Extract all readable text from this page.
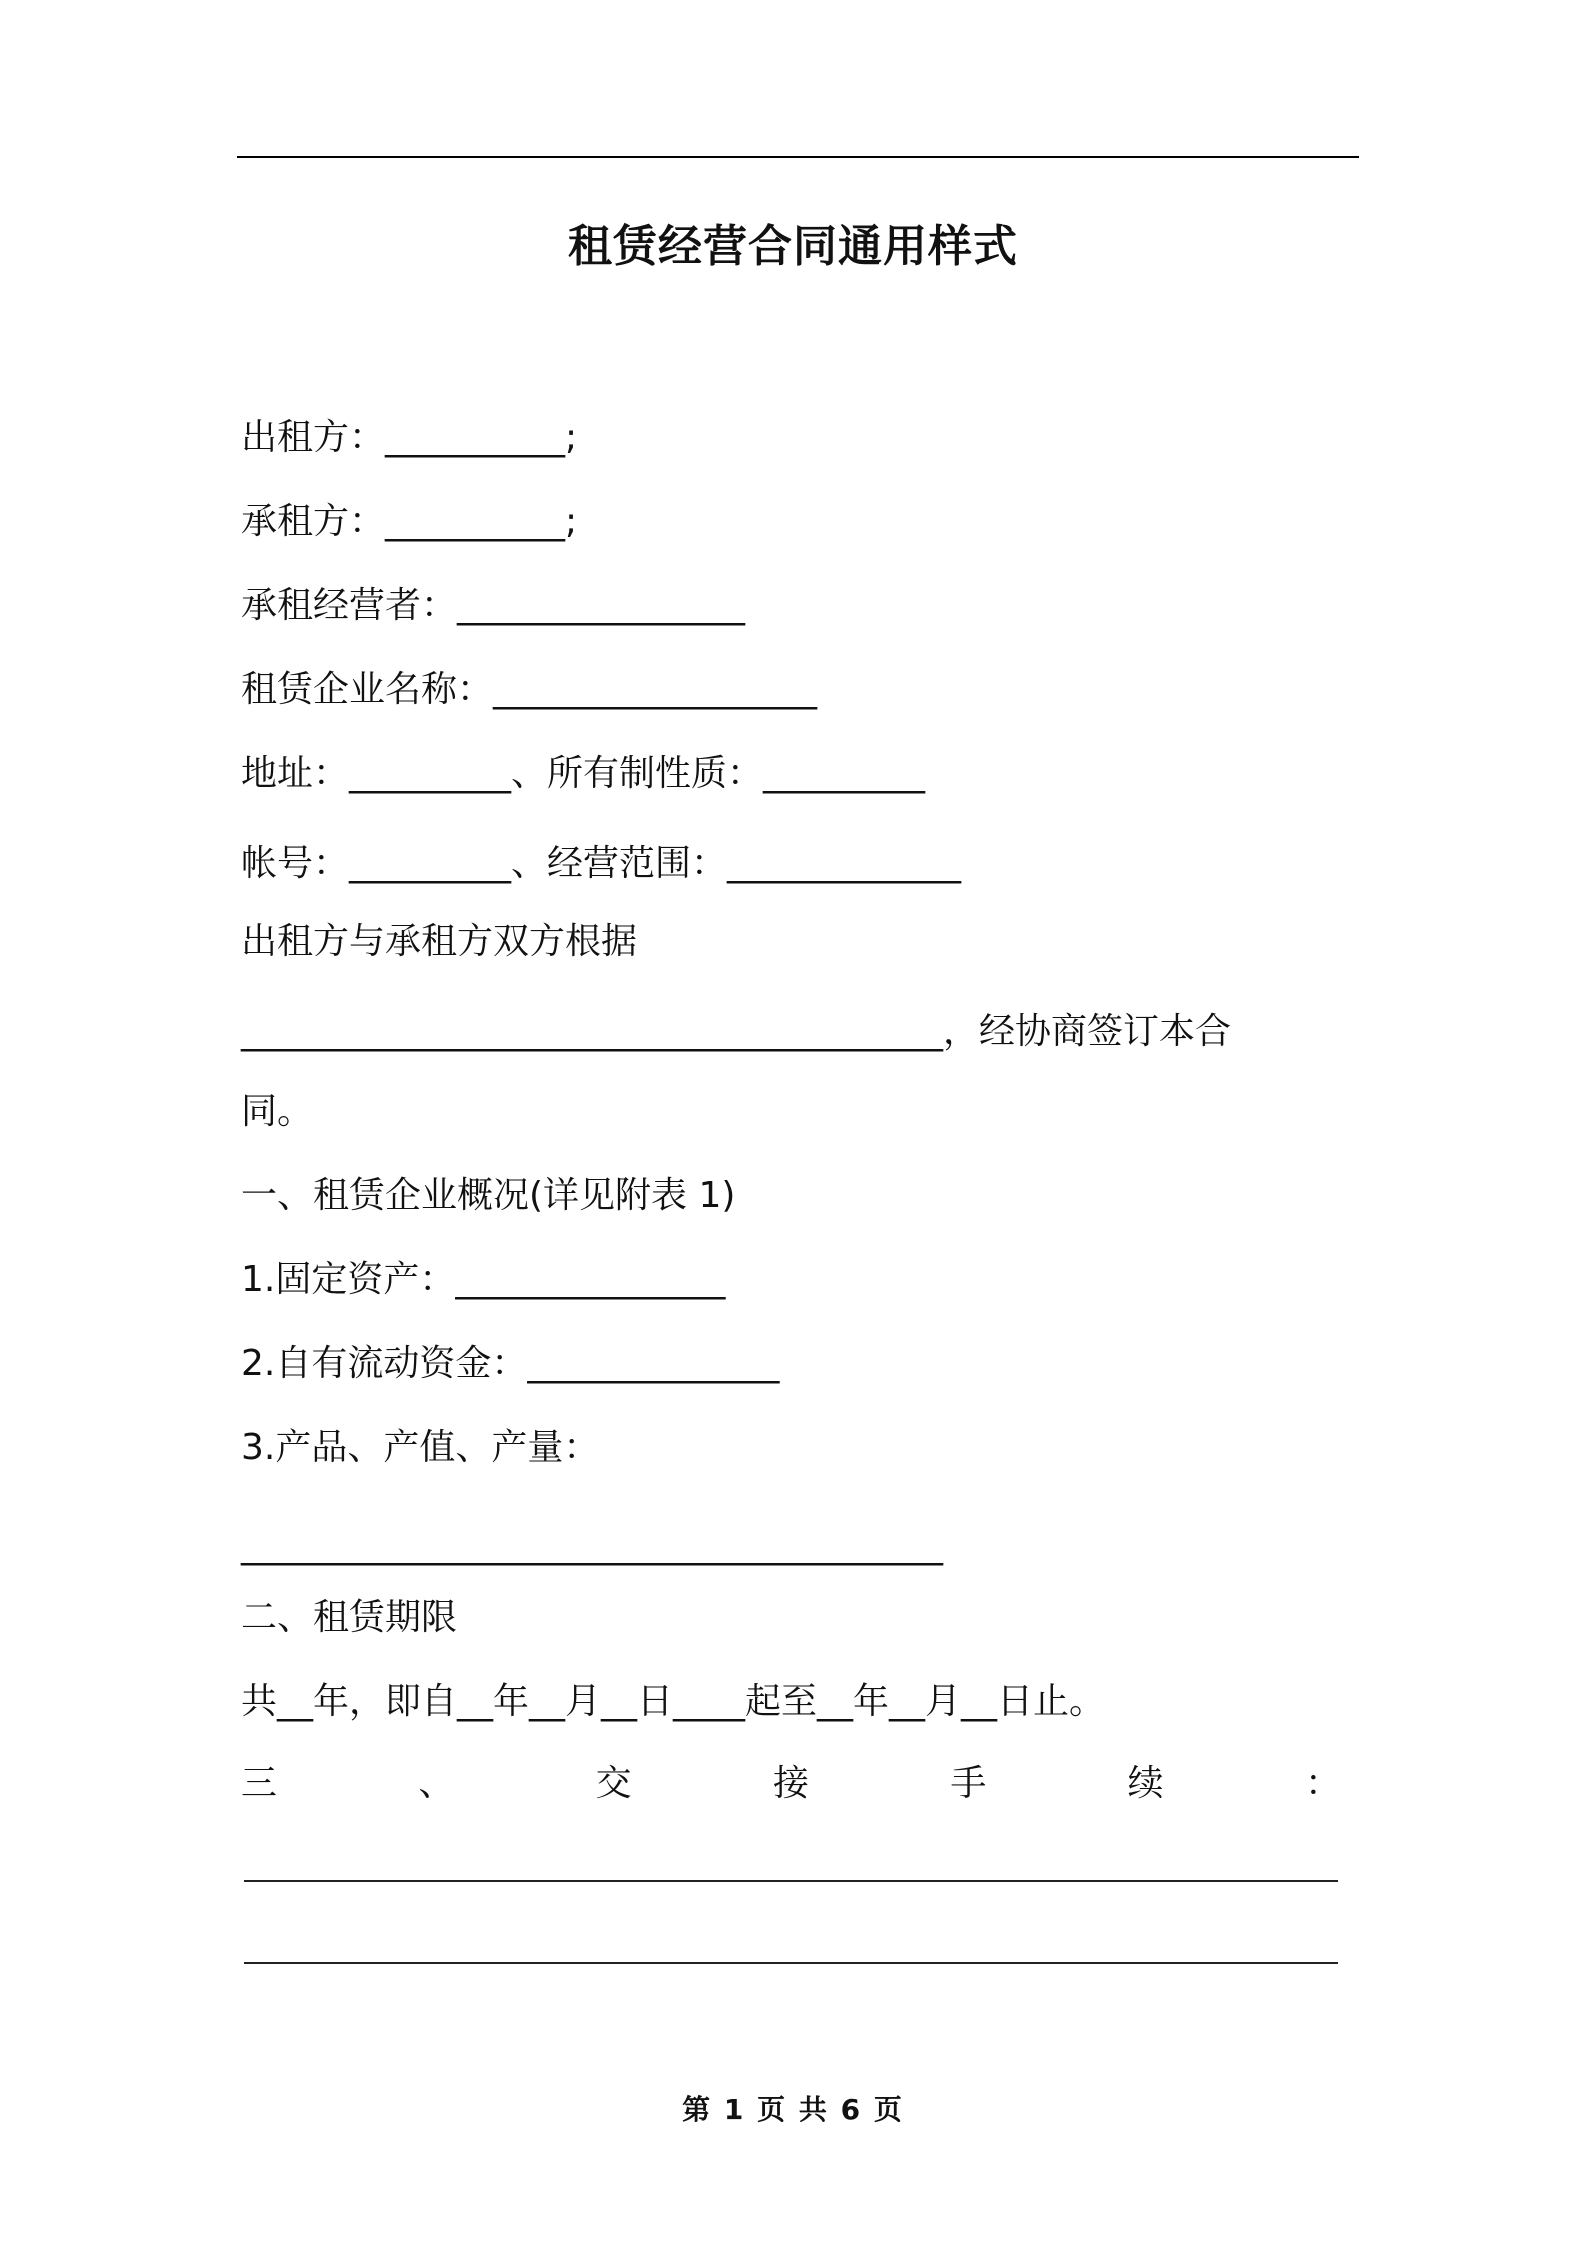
租赁经营合同通用样式
出租方：__________;
承租方：__________;
承租经营者：________________
租赁企业名称：__________________
地址：_________、所有制性质：_________
帐号：_________、经营范围：_____________
出租方与承租方双方根据
_______________________________________，经协商签订本合
同。
一、租赁企业概况(详见附表 1)
1.固定资产：_______________
2.自有流动资金：______________
3.产品、产值、产量：
_______________________________________
二、租赁期限
共__年，即自__年__月__日____起至__年__月__日止。
三	、	交	接	手	续	：
第 1 页 共 6 页
